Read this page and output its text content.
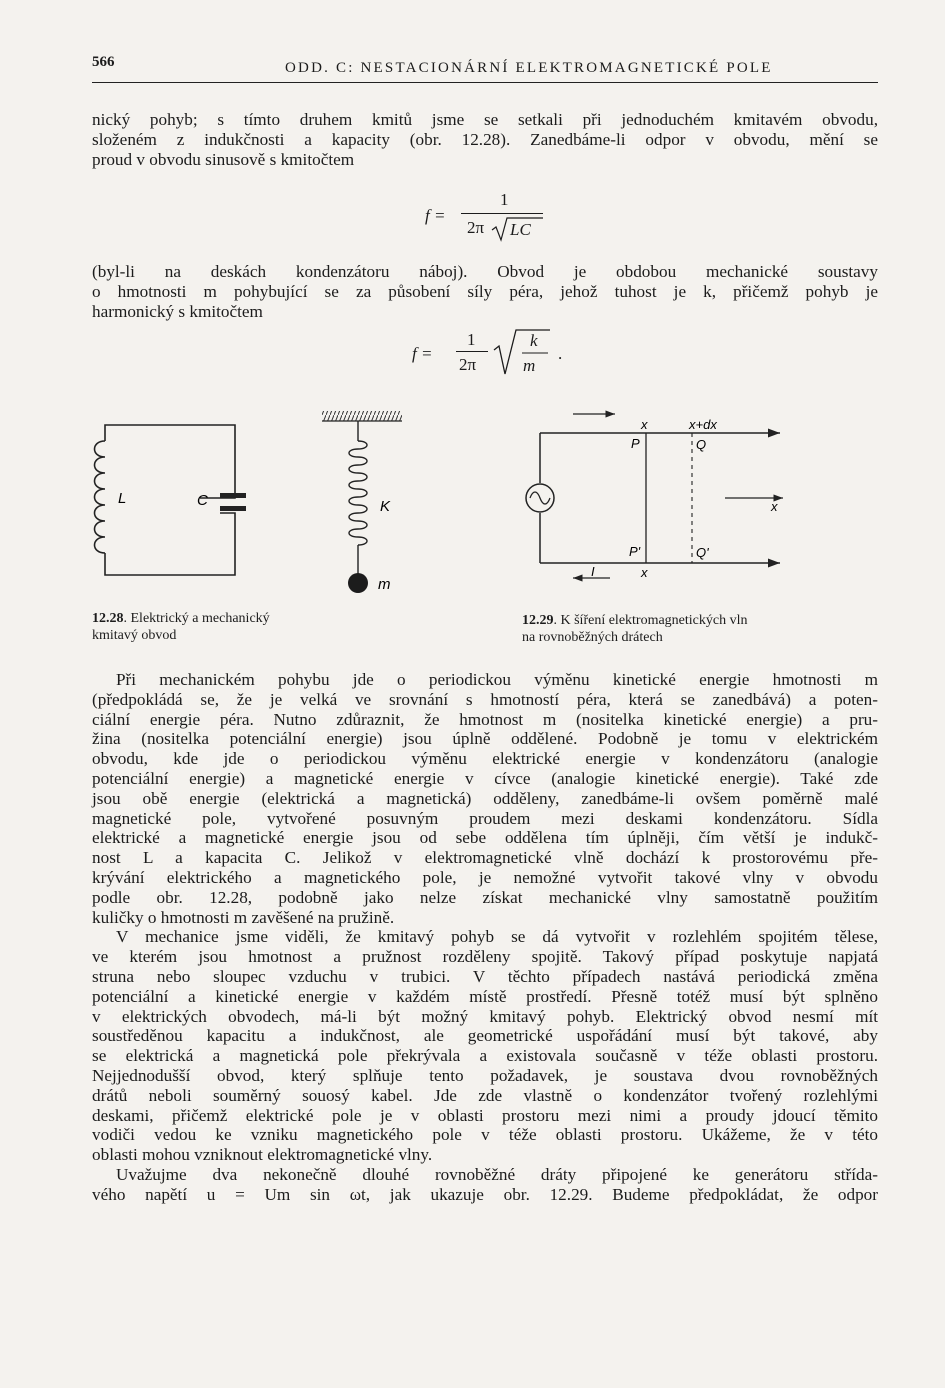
566	ODD. C: NESTACIONÁRNÍ ELEKTROMAGNETICKÉ POLE
nický pohyb; s tímto druhem kmitů jsme se setkali při jednoduchém kmitavém obvodu,
složeném z indukčnosti a kapacity (obr. 12.28). Zanedbáme-li odpor v obvodu, mění se
proud v obvodu sinusově s kmitočtem
f =
1
2π LC
(byl-li na deskách kondenzátoru náboj). Obvod je obdobou mechanické soustavy
o hmotnosti m pohybující se za působení síly péra, jehož tuhost je k, přičemž pohyb je
harmonický s kmitočtem
f =
1
2π
k
m
.
L	C	K
m
12.28. Elektrický a mechanický
kmitavý obvod
x	x+dx
P	Q
P'	Q'
x
x
I
12.29. K šíření elektromagnetických vln
na rovnoběžných drátech
Při mechanickém pohybu jde o periodickou výměnu kinetické energie hmotnosti m
(předpokládá se, že je velká ve srovnání s hmotností péra, která se zanedbává) a poten-
ciální energie péra. Nutno zdůraznit, že hmotnost m (nositelka kinetické energie) a pru-
žina (nositelka potenciální energie) jsou úplně oddělené. Podobně je tomu v elektrickém
obvodu, kde jde o periodickou výměnu elektrické energie v kondenzátoru (analogie
potenciální energie) a magnetické energie v cívce (analogie kinetické energie). Také zde
jsou obě energie (elektrická a magnetická) odděleny, zanedbáme-li ovšem poměrně malé
magnetické pole, vytvořené posuvným proudem mezi deskami kondenzátoru. Sídla
elektrické a magnetické energie jsou od sebe oddělena tím úplněji, čím větší je indukč-
nost L a kapacita C. Jelikož v elektromagnetické vlně dochází k prostorovému pře-
krývání elektrického a magnetického pole, je nemožné vytvořit takové vlny v obvodu
podle obr. 12.28, podobně jako nelze získat mechanické vlny samostatně použitím
kuličky o hmotnosti m zavěšené na pružině.
V mechanice jsme viděli, že kmitavý pohyb se dá vytvořit v rozlehlém spojitém tělese,
ve kterém jsou hmotnost a pružnost rozděleny spojitě. Takový případ poskytuje napjatá
struna nebo sloupec vzduchu v trubici. V těchto případech nastává periodická změna
potenciální a kinetické energie v každém místě prostředí. Přesně totéž musí být splněno
v elektrických obvodech, má-li být možný kmitavý pohyb. Elektrický obvod nesmí mít
soustředěnou kapacitu a indukčnost, ale geometrické uspořádání musí být takové, aby
se elektrická a magnetická pole překrývala a existovala současně v téže oblasti prostoru.
Nejjednodušší obvod, který splňuje tento požadavek, je soustava dvou rovnoběžných
drátů neboli souměrný souosý kabel. Jde zde vlastně o kondenzátor tvořený rozlehlými
deskami, přičemž elektrické pole je v oblasti prostoru mezi nimi a proudy jdoucí těmito
vodiči vedou ke vzniku magnetického pole v téže oblasti prostoru. Ukážeme, že v této
oblasti mohou vzniknout elektromagnetické vlny.
Uvažujme dva nekonečně dlouhé rovnoběžné dráty připojené ke generátoru střída-
vého napětí u = Um sin ωt, jak ukazuje obr. 12.29. Budeme předpokládat, že odpor
